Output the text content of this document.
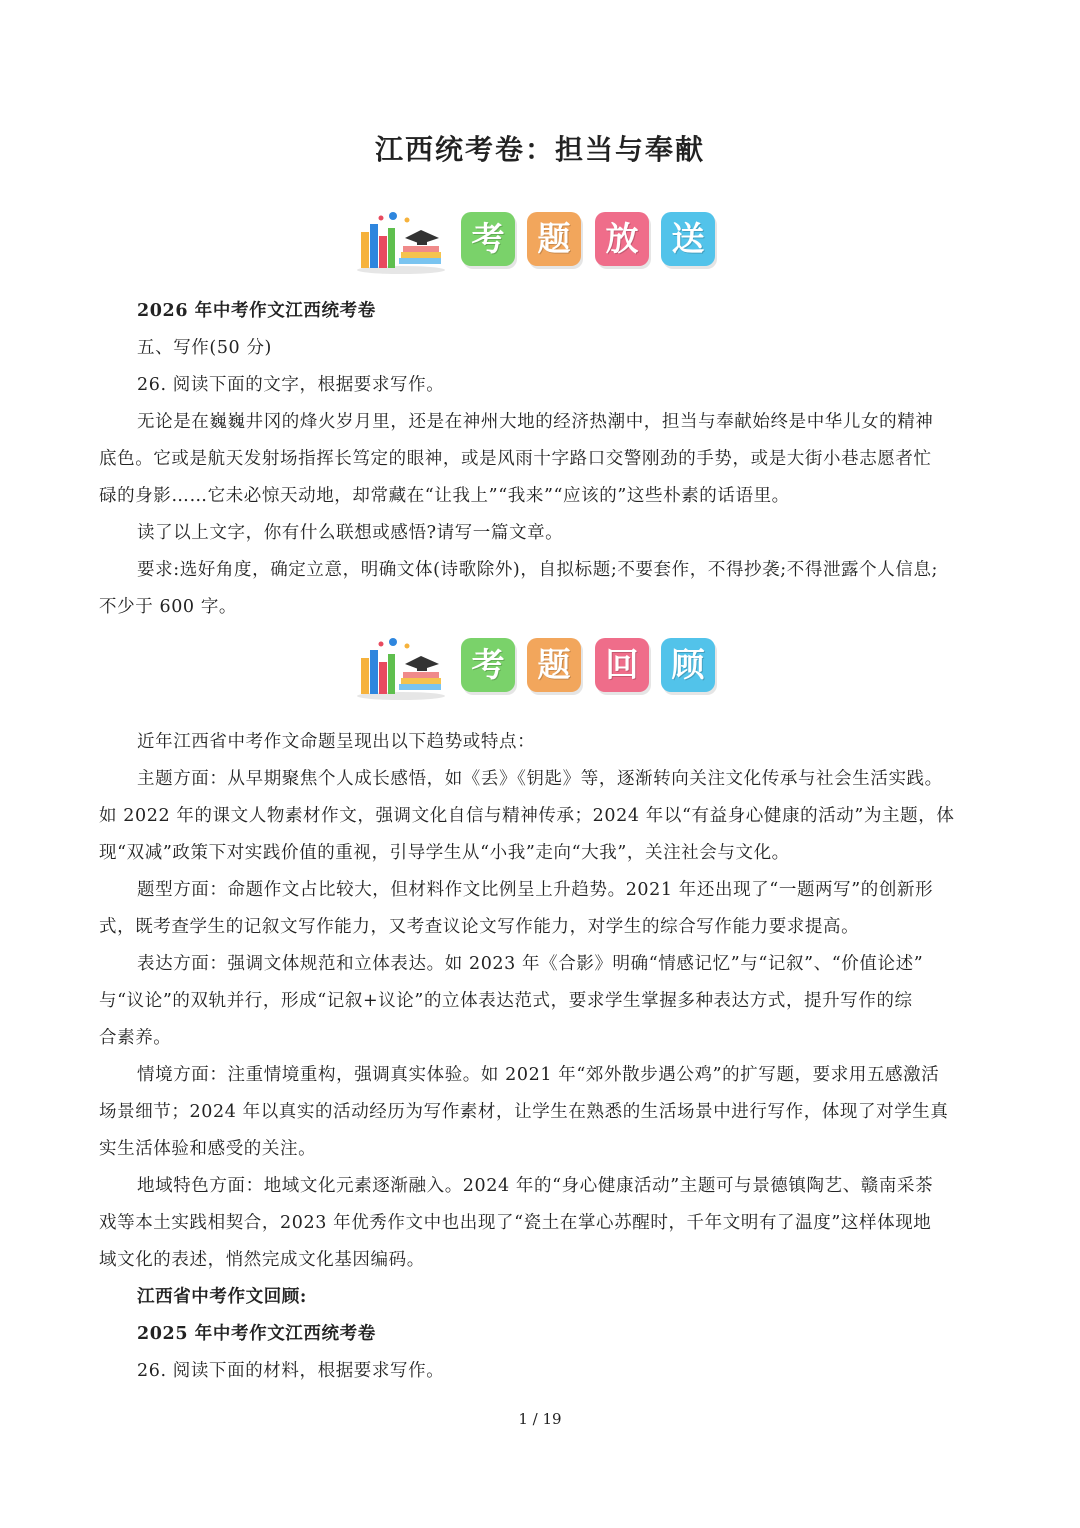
江西统考卷：担当与奉献
考	题	放	送
2026 年中考作文江西统考卷
五、写作(50 分)
26. 阅读下面的文字，根据要求写作。
无论是在巍巍井冈的烽火岁月里，还是在神州大地的经济热潮中，担当与奉献始终是中华儿女的精神
底色。它或是航天发射场指挥长笃定的眼神，或是风雨十字路口交警刚劲的手势，或是大街小巷志愿者忙
碌的身影……它未必惊天动地，却常藏在“让我上”“我来”“应该的”这些朴素的话语里。
读了以上文字，你有什么联想或感悟?请写一篇文章。
要求:选好角度，确定立意，明确文体(诗歌除外)，自拟标题;不要套作，不得抄袭;不得泄露个人信息;
不少于 600 字。
考	题	回	顾
近年江西省中考作文命题呈现出以下趋势或特点：
主题方面：从早期聚焦个人成长感悟，如《丢》《钥匙》等，逐渐转向关注文化传承与社会生活实践。
如 2022 年的课文人物素材作文，强调文化自信与精神传承；2024 年以“有益身心健康的活动”为主题，体
现“双减”政策下对实践价值的重视，引导学生从“小我”走向“大我”，关注社会与文化。
题型方面：命题作文占比较大，但材料作文比例呈上升趋势。2021 年还出现了“一题两写”的创新形
式，既考查学生的记叙文写作能力，又考查议论文写作能力，对学生的综合写作能力要求提高。
表达方面：强调文体规范和立体表达。如 2023 年《合影》明确“情感记忆”与“记叙”、“价值论述”
与“议论”的双轨并行，形成“记叙+议论”的立体表达范式，要求学生掌握多种表达方式，提升写作的综
合素养。
情境方面：注重情境重构，强调真实体验。如 2021 年“郊外散步遇公鸡”的扩写题，要求用五感激活
场景细节；2024 年以真实的活动经历为写作素材，让学生在熟悉的生活场景中进行写作，体现了对学生真
实生活体验和感受的关注。
地域特色方面：地域文化元素逐渐融入。2024 年的“身心健康活动”主题可与景德镇陶艺、赣南采茶
戏等本土实践相契合，2023 年优秀作文中也出现了“瓷土在掌心苏醒时，千年文明有了温度”这样体现地
域文化的表述，悄然完成文化基因编码。
江西省中考作文回顾:
2025 年中考作文江西统考卷
26. 阅读下面的材料，根据要求写作。
1 / 19
